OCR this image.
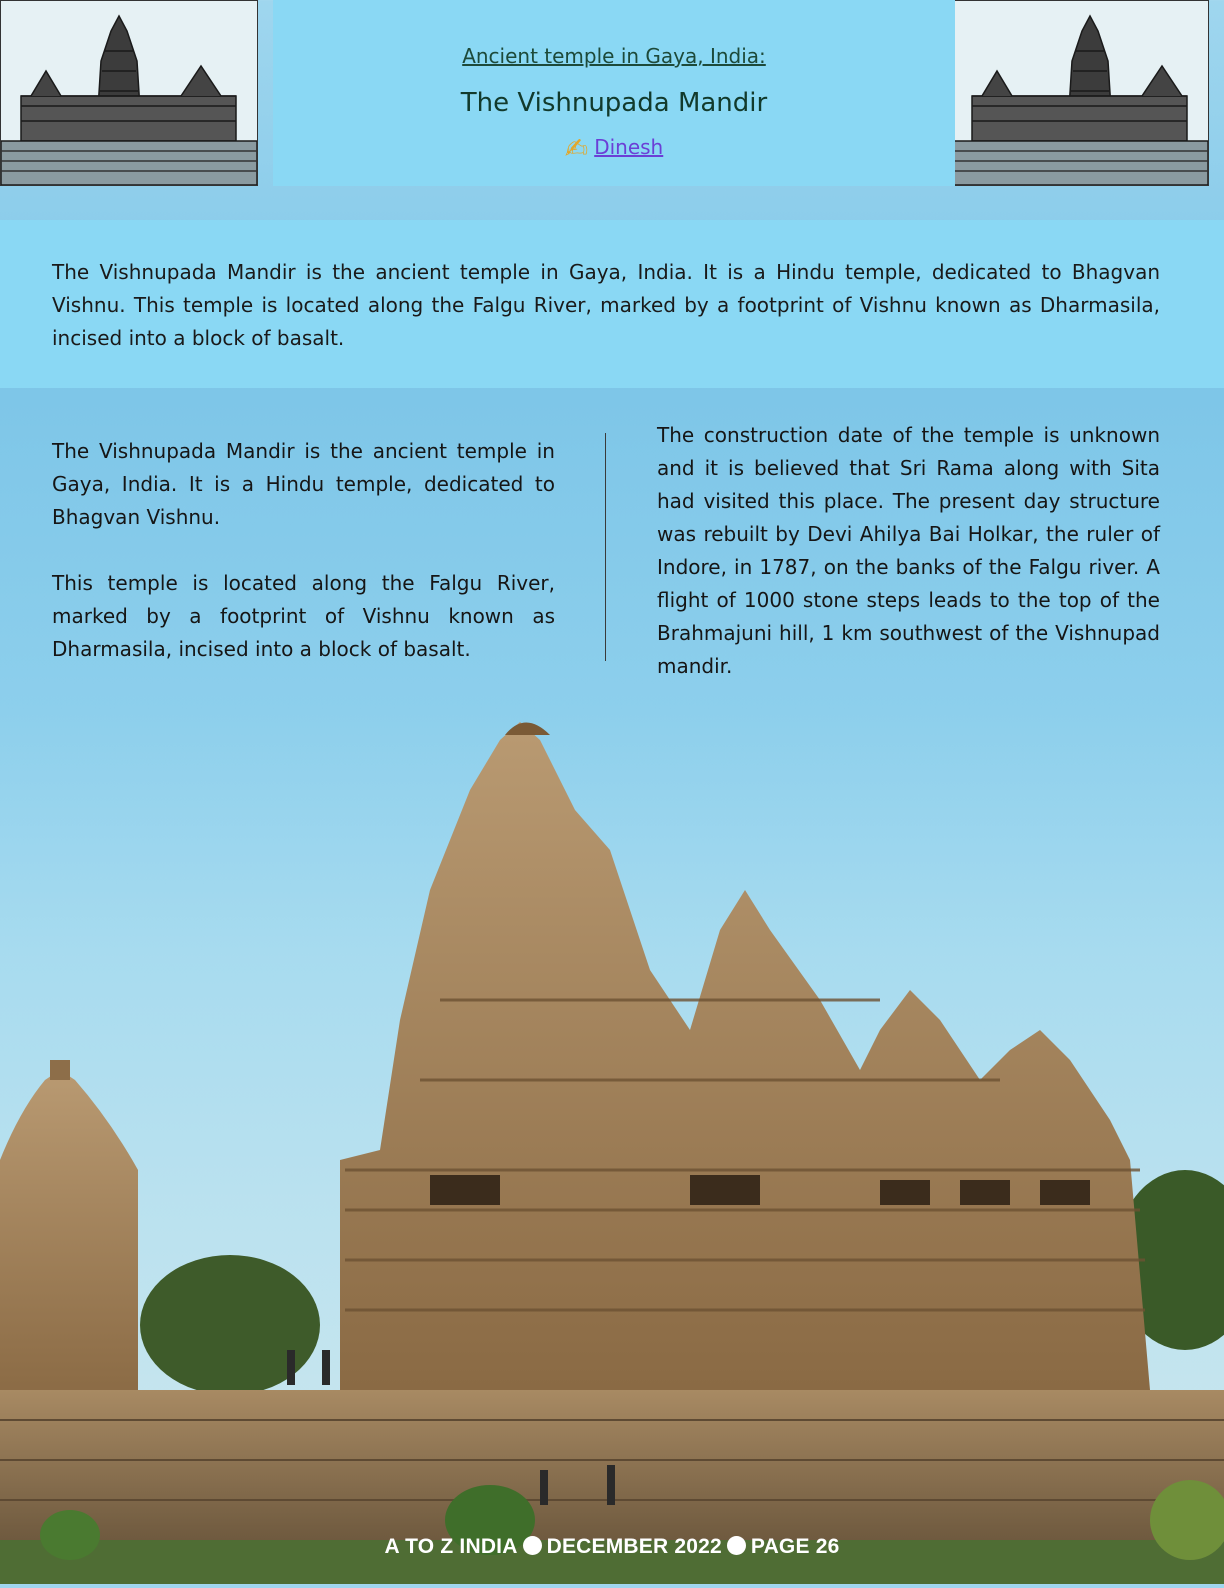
Ancient temple in Gaya, India:
The Vishnupada Mandir
✍ Dinesh
The Vishnupada Mandir is the ancient temple in Gaya, India. It is a Hindu temple, dedicated to Bhagvan Vishnu. This temple is located along the Falgu River, marked by a footprint of Vishnu known as Dharmasila, incised into a block of basalt.

The Vishnupada Mandir is the ancient temple in Gaya, India. It is a Hindu temple, dedicated to Bhagvan Vishnu.

This temple is located along the Falgu River, marked by a footprint of Vishnu known as Dharmasila, incised into a block of basalt.

The construction date of the temple is unknown and it is believed that Sri Rama along with Sita had visited this place. The present day structure was rebuilt by Devi Ahilya Bai Holkar, the ruler of Indore, in 1787, on the banks of the Falgu river. A flight of 1000 stone steps leads to the top of the Brahmajuni hill, 1 km southwest of the Vishnupad mandir.

A TO Z INDIA DECEMBER 2022 PAGE 26
